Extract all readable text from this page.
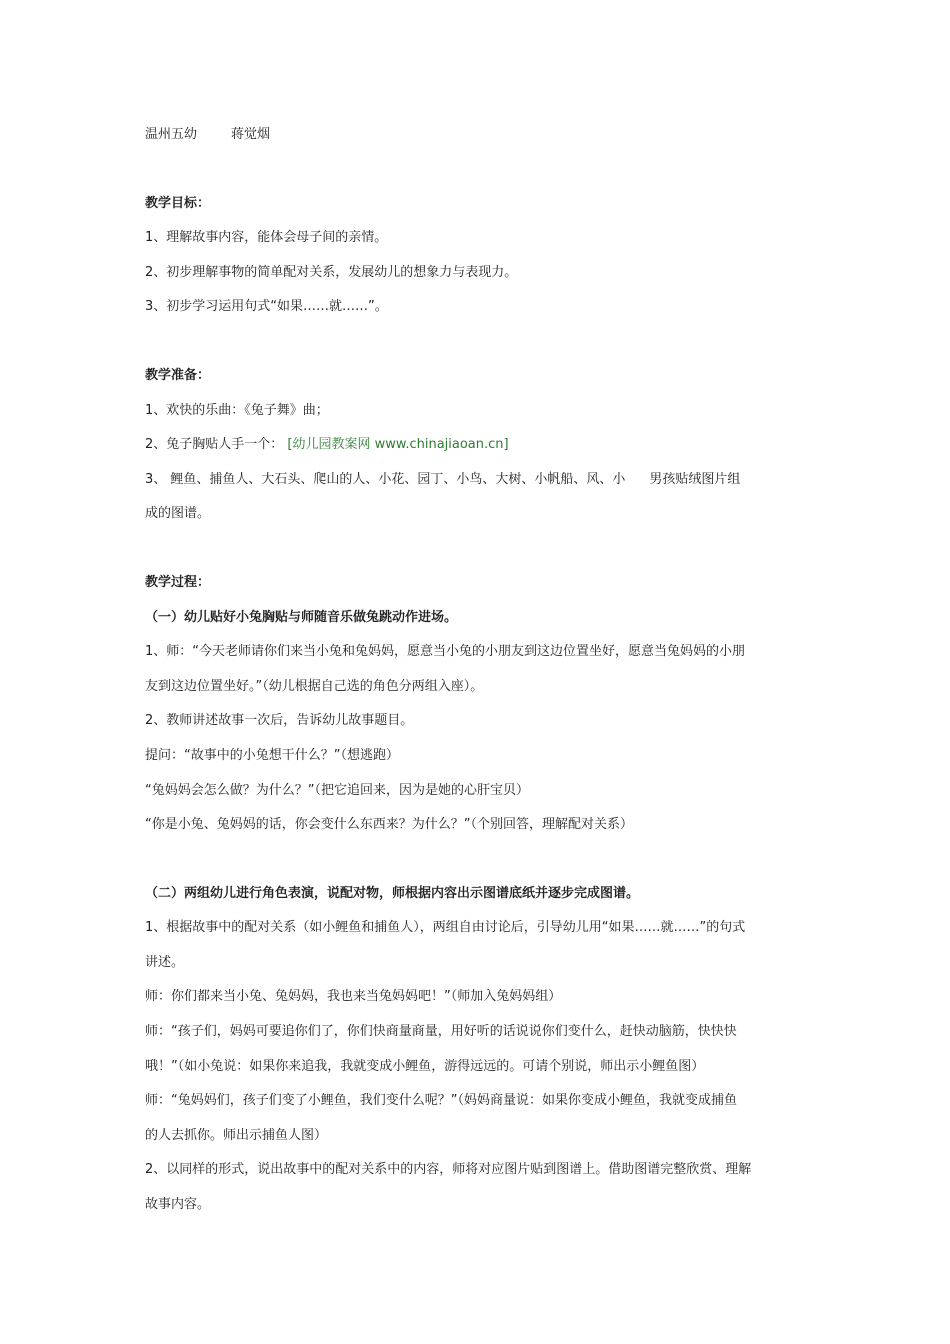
温州五幼	蒋觉烟
教学目标：
1、理解故事内容，能体会母子间的亲情。
2、初步理解事物的简单配对关系，发展幼儿的想象力与表现力。
3、初步学习运用句式“如果……就……”。
教学准备：
1、欢快的乐曲：《兔子舞》曲；
2、兔子胸贴人手一个： [幼儿园教案网 www.chinajiaoan.cn]
3、 鲤鱼、捕鱼人、大石头、爬山的人、小花、园丁、小鸟、大树、小帆船、风、小 男孩贴绒图片组
成的图谱。
教学过程：
（一）幼儿贴好小兔胸贴与师随音乐做兔跳动作进场。
1、师：“今天老师请你们来当小兔和兔妈妈，愿意当小兔的小朋友到这边位置坐好，愿意当兔妈妈的小朋
友到这边位置坐好。”（幼儿根据自己选的角色分两组入座）。
2、教师讲述故事一次后，告诉幼儿故事题目。
提问：“故事中的小兔想干什么？”（想逃跑）
“兔妈妈会怎么做？为什么？”（把它追回来，因为是她的心肝宝贝）
“你是小兔、兔妈妈的话，你会变什么东西来？为什么？”（个别回答，理解配对关系）
（二）两组幼儿进行角色表演，说配对物，师根据内容出示图谱底纸并逐步完成图谱。
1、根据故事中的配对关系（如小鲤鱼和捕鱼人），两组自由讨论后，引导幼儿用“如果……就……”的句式
讲述。
师：你们都来当小兔、兔妈妈，我也来当兔妈妈吧！”（师加入兔妈妈组）
师：“孩子们，妈妈可要追你们了，你们快商量商量，用好听的话说说你们变什么，赶快动脑筋，快快快
哦！”（如小兔说：如果你来追我，我就变成小鲤鱼，游得远远的。可请个别说，师出示小鲤鱼图）
师：“兔妈妈们，孩子们变了小鲤鱼，我们变什么呢？”（妈妈商量说：如果你变成小鲤鱼，我就变成捕鱼
的人去抓你。师出示捕鱼人图）
2、以同样的形式，说出故事中的配对关系中的内容，师将对应图片贴到图谱上。借助图谱完整欣赏、理解
故事内容。
